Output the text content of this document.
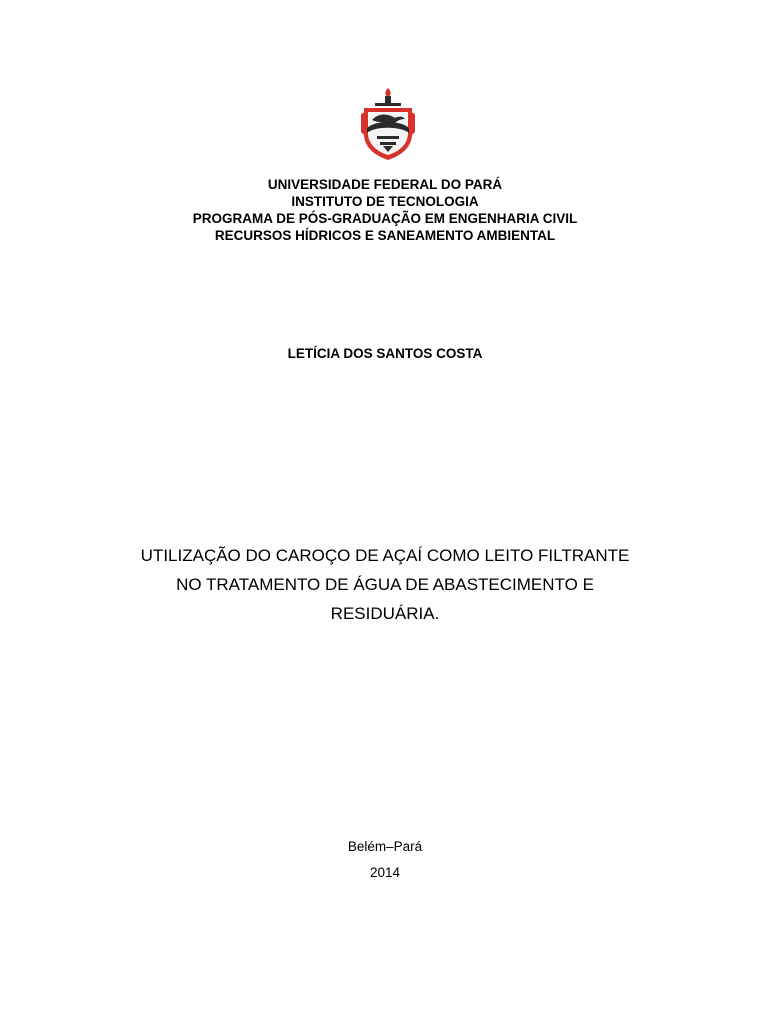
UNIVERSIDADE FEDERAL DO PARÁ
INSTITUTO DE TECNOLOGIA
PROGRAMA DE PÓS-GRADUAÇÃO EM ENGENHARIA CIVIL
RECURSOS HÍDRICOS E SANEAMENTO AMBIENTAL
LETÍCIA DOS SANTOS COSTA
UTILIZAÇÃO DO CAROÇO DE AÇAÍ COMO LEITO FILTRANTE
NO TRATAMENTO DE ÁGUA DE ABASTECIMENTO E
RESIDUÁRIA.
Belém–Pará
2014
